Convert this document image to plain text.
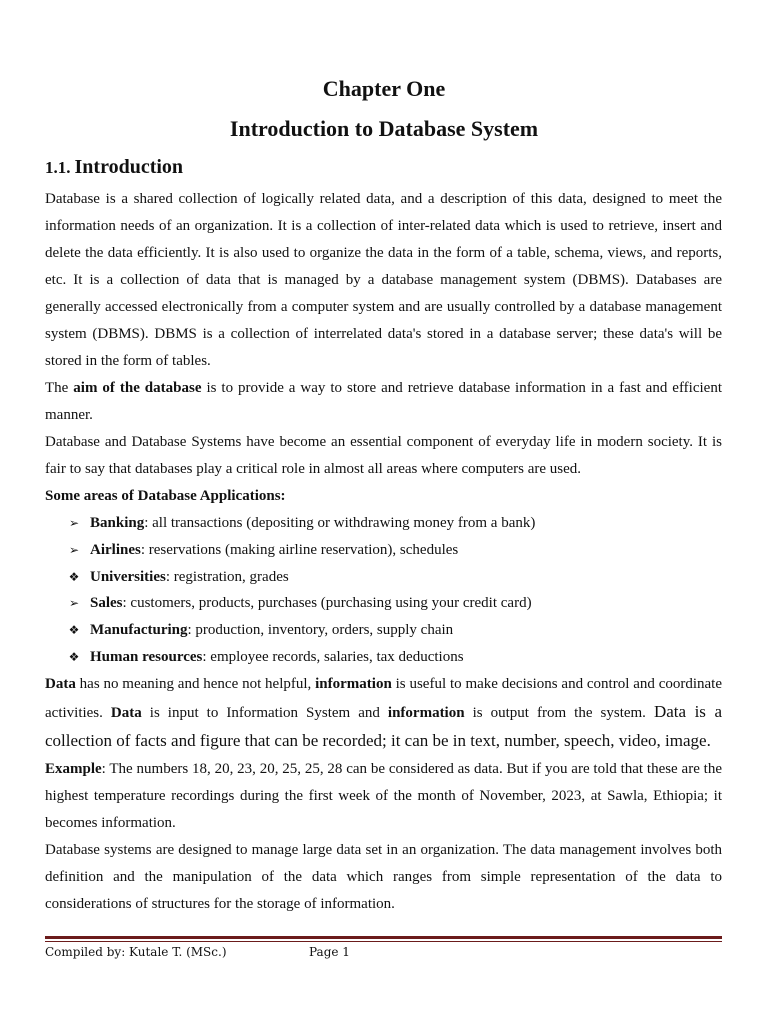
Chapter One
Introduction to Database System
1.1. Introduction

Database is a shared collection of logically related data, and a description of this data, designed to meet the information needs of an organization. It is a collection of inter-related data which is used to retrieve, insert and delete the data efficiently. It is also used to organize the data in the form of a table, schema, views, and reports, etc. It is a collection of data that is managed by a database management system (DBMS). Databases are generally accessed electronically from a computer system and are usually controlled by a database management system (DBMS). DBMS is a collection of interrelated data's stored in a database server; these data's will be stored in the form of tables.

The aim of the database is to provide a way to store and retrieve database information in a fast and efficient manner.

Database and Database Systems have become an essential component of everyday life in modern society. It is fair to say that databases play a critical role in almost all areas where computers are used.

Some areas of Database Applications:

➢ Banking: all transactions (depositing or withdrawing money from a bank)
➢ Airlines: reservations (making airline reservation), schedules
❖ Universities: registration, grades
➢ Sales: customers, products, purchases (purchasing using your credit card)
❖ Manufacturing: production, inventory, orders, supply chain
❖ Human resources: employee records, salaries, tax deductions

Data has no meaning and hence not helpful, information is useful to make decisions and control and coordinate activities. Data is input to Information System and information is output from the system. Data is a collection of facts and figure that can be recorded; it can be in text, number, speech, video, image.

Example: The numbers 18, 20, 23, 20, 25, 25, 28 can be considered as data. But if you are told that these are the highest temperature recordings during the first week of the month of November, 2023, at Sawla, Ethiopia; it becomes information.

Database systems are designed to manage large data set in an organization. The data management involves both definition and the manipulation of the data which ranges from simple representation of the data to considerations of structures for the storage of information.

Compiled by: Kutale T. (MSc.)	Page 1
